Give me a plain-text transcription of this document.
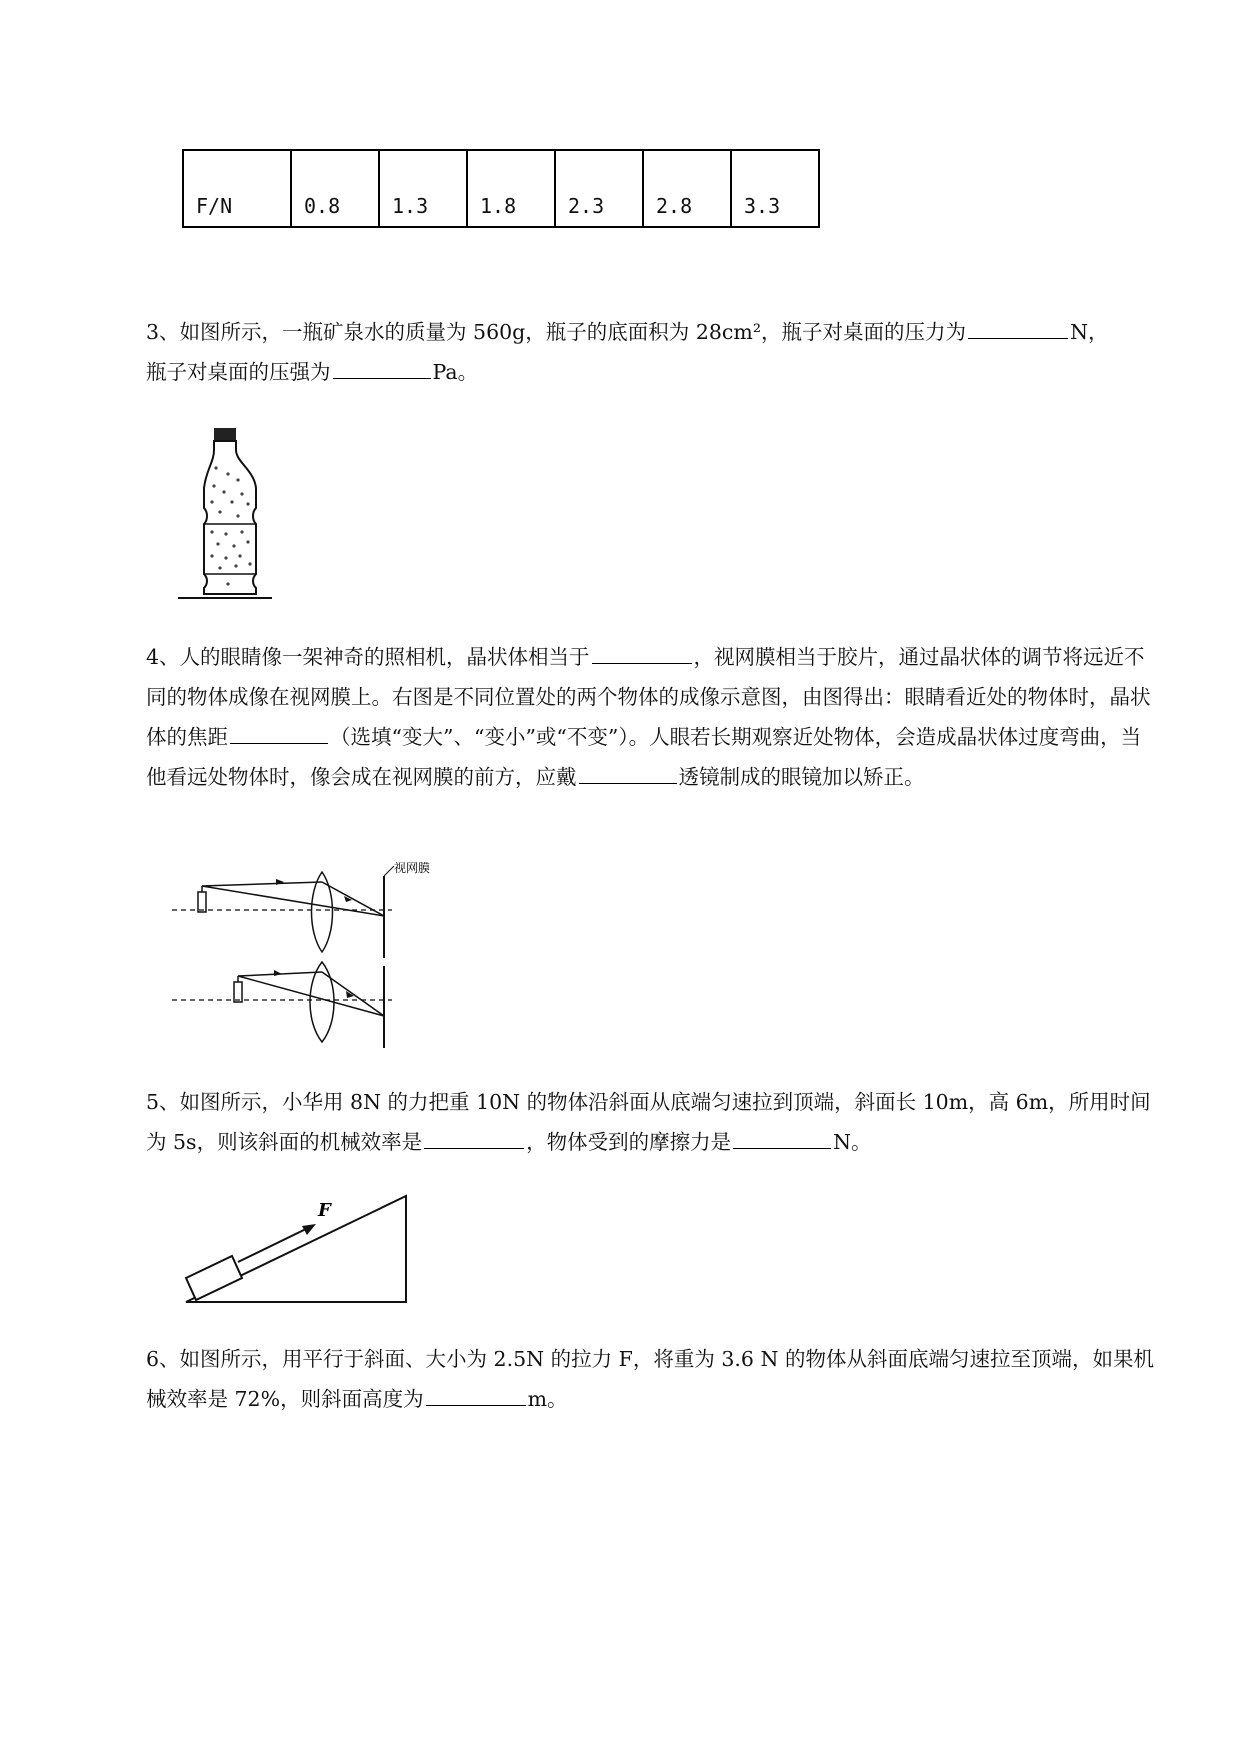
F/N	0.8	1.3	1.8	2.3	2.8	3.3
3、如图所示，一瓶矿泉水的质量为 560g，瓶子的底面积为 28cm²，瓶子对桌面的压力为	N，
瓶子对桌面的压强为	Pa。
4、人的眼睛像一架神奇的照相机，晶状体相当于	，视网膜相当于胶片，通过晶状体的调节将远近不同的物体成像在视网膜上。右图是不同位置处的两个物体的成像示意图，由图得出：眼睛看近处的物体时，晶状体的焦距	（选填“变大”、“变小”或“不变”）。人眼若长期观察近处物体，会造成晶状体过度弯曲，当他看远处物体时，像会成在视网膜的前方，应戴	透镜制成的眼镜加以矫正。
视网膜
5、如图所示，小华用 8N 的力把重 10N 的物体沿斜面从底端匀速拉到顶端，斜面长 10m，高 6m，所用时间为 5s，则该斜面的机械效率是	，物体受到的摩擦力是	N。
F
6、如图所示，用平行于斜面、大小为 2.5N 的拉力 F，将重为 3.6 N 的物体从斜面底端匀速拉至顶端，如果机械效率是 72%，则斜面高度为	m。
